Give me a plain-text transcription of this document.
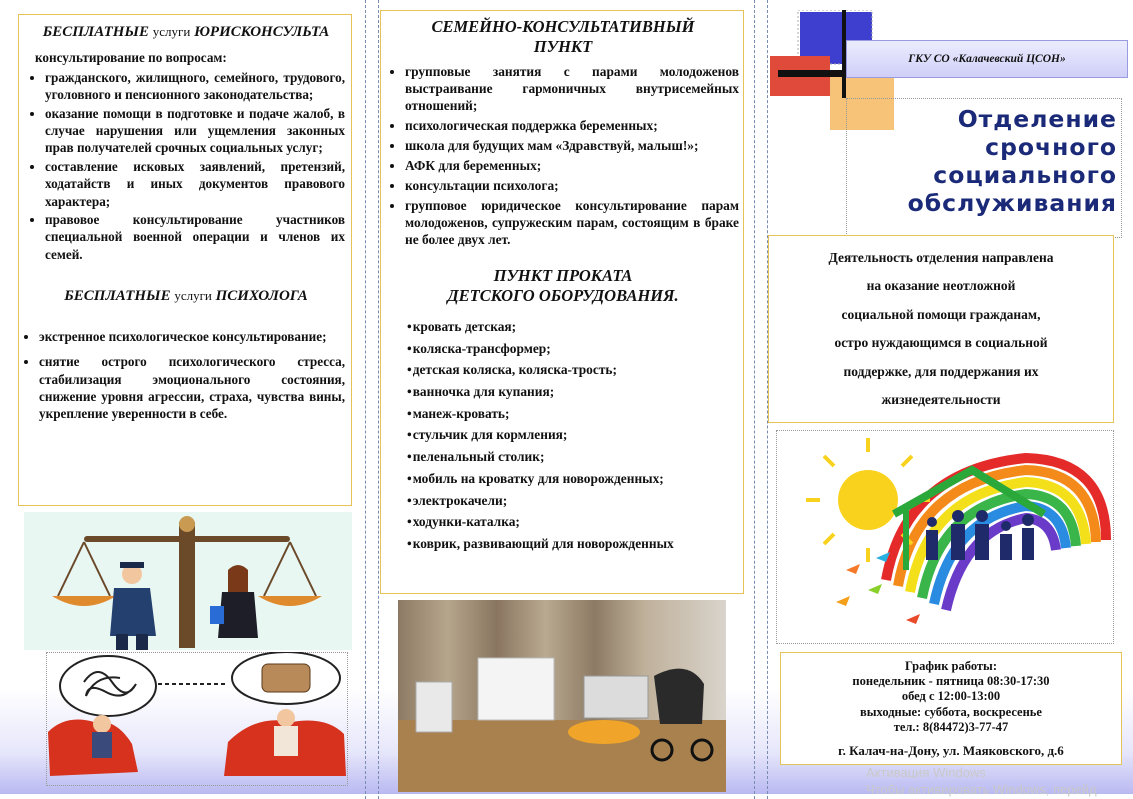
БЕСПЛАТНЫЕ услуги ЮРИСКОНСУЛЬТА
консультирование по вопросам:
• гражданского, жилищного, семейного, трудового, уголовного и пенсионного законодательства;
• оказание помощи в подготовке и подаче жалоб, в случае нарушения или ущемления законных прав получателей срочных социальных услуг;
• составление исковых заявлений, претензий, ходатайств и иных документов правового характера;
• правовое консультирование участников специальной военной операции и членов их семей.
БЕСПЛАТНЫЕ услуги ПСИХОЛОГА
• экстренное психологическое консультирование;
• снятие острого психологического стресса, стабилизация эмоционального состояния, снижение уровня агрессии, страха, чувства вины, укрепление уверенности в себе.
СЕМЕЙНО-КОНСУЛЬТАТИВНЫЙ
ПУНКТ
• групповые занятия с парами молодоженов выстраивание гармоничных внутрисемейных отношений;
• психологическая поддержка беременных;
• школа для будущих мам «Здравствуй, малыш!»;
• АФК для беременных;
• консультации психолога;
• групповое юридическое консультирование парам молодоженов, супружеским парам, состоящим в браке не более двух лет.
ПУНКТ ПРОКАТА
ДЕТСКОГО ОБОРУДОВАНИЯ.
•кровать детская;
•коляска-трансформер;
•детская коляска, коляска-трость;
•ванночка для купания;
•манеж-кровать;
•стульчик для кормления;
•пеленальный столик;
•мобиль на кроватку для новорожденных;
•электрокачели;
•ходунки-каталка;
•коврик, развивающий для новорожденных
ГКУ СО «Калачевский ЦСОН»
Отделение
срочного
социального
обслуживания
Деятельность отделения направлена
на оказание неотложной
социальной помощи гражданам,
остро нуждающимся в социальной
поддержке, для поддержания их
жизнедеятельности
График работы:
понедельник - пятница 08:30-17:30
обед с 12:00-13:00
выходные: суббота, воскресенье
тел.: 8(84472)3-77-47
г. Калач-на-Дону, ул. Маяковского, д.6
Активация Windows
Чтобы активировать Windows, перейд
